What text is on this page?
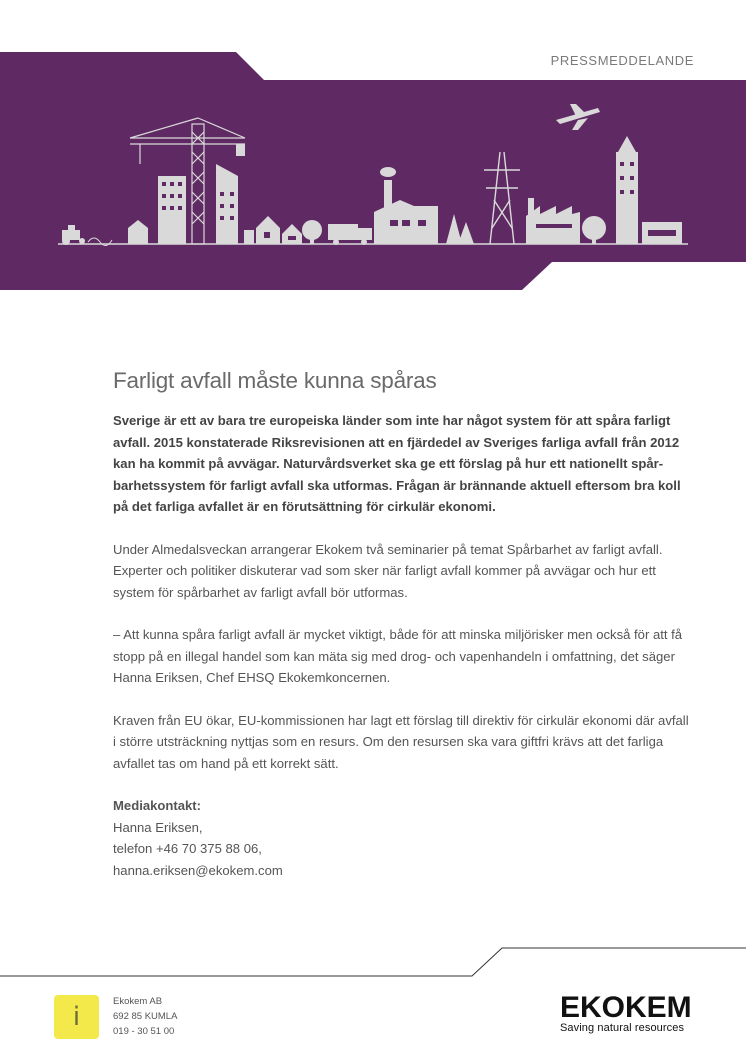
PRESSMEDDELANDE
Farligt avfall måste kunna spåras

Sverige är ett av bara tre europeiska länder som inte har något system för att spåra farligt avfall. 2015 konstaterade Riksrevisionen att en fjärdedel av Sveriges farliga avfall från 2012 kan ha kommit på avvägar. Naturvårdsverket ska ge ett förslag på hur ett nationellt spår-barhetssystem för farligt avfall ska utformas. Frågan är brännande aktuell eftersom bra koll på det farliga avfallet är en förutsättning för cirkulär ekonomi.

Under Almedalsveckan arrangerar Ekokem två seminarier på temat Spårbarhet av farligt avfall. Experter och politiker diskuterar vad som sker när farligt avfall kommer på avvägar och hur ett system för spårbarhet av farligt avfall bör utformas.

– Att kunna spåra farligt avfall är mycket viktigt, både för att minska miljörisker men också för att få stopp på en illegal handel som kan mäta sig med drog- och vapenhandeln i omfattning, det säger Hanna Eriksen, Chef EHSQ Ekokemkoncernen.

Kraven från EU ökar, EU-kommissionen har lagt ett förslag till direktiv för cirkulär ekonomi där avfall i större utsträckning nyttjas som en resurs. Om den resursen ska vara giftfri krävs att det farliga avfallet tas om hand på ett korrekt sätt.

Mediakontakt:
Hanna Eriksen,
telefon +46 70 375 88 06,
hanna.eriksen@ekokem.com
i
Ekokem AB
692 85 KUMLA
019 - 30 51 00
EKOKEM
Saving natural resources
